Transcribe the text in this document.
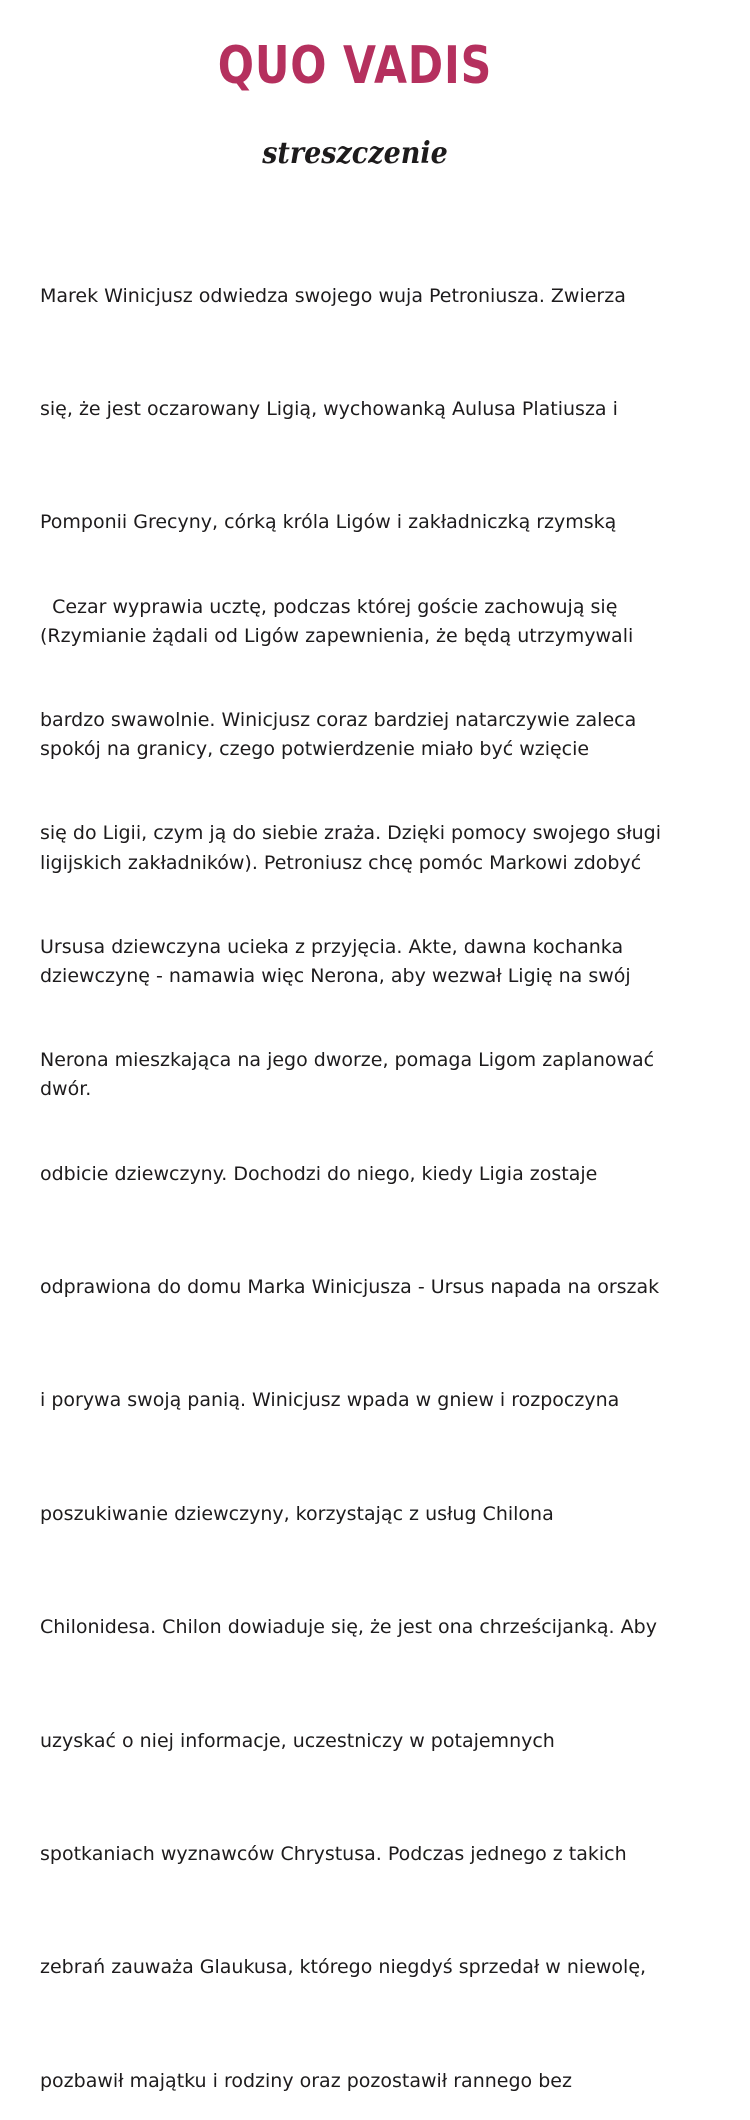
QUO VADIS
streszczenie

Marek Winicjusz odwiedza swojego wuja Petroniusza. Zwierza

się, że jest oczarowany Ligią, wychowanką Aulusa Platiusza i

Pomponii Grecyny, córką króla Ligów i zakładniczką rzymską

(Rzymianie żądali od Ligów zapewnienia, że będą utrzymywali

spokój na granicy, czego potwierdzenie miało być wzięcie

ligijskich zakładników). Petroniusz chcę pomóc Markowi zdobyć

dziewczynę - namawia więc Nerona, aby wezwał Ligię na swój

dwór.

Cezar wyprawia ucztę, podczas której goście zachowują się

bardzo swawolnie. Winicjusz coraz bardziej natarczywie zaleca

się do Ligii, czym ją do siebie zraża. Dzięki pomocy swojego sługi

Ursusa dziewczyna ucieka z przyjęcia. Akte, dawna kochanka

Nerona mieszkająca na jego dworze, pomaga Ligom zaplanować

odbicie dziewczyny. Dochodzi do niego, kiedy Ligia zostaje

odprawiona do domu Marka Winicjusza - Ursus napada na orszak

i porywa swoją panią. Winicjusz wpada w gniew i rozpoczyna

poszukiwanie dziewczyny, korzystając z usług Chilona

Chilonidesa. Chilon dowiaduje się, że jest ona chrześcijanką. Aby

uzyskać o niej informacje, uczestniczy w potajemnych

spotkaniach wyznawców Chrystusa. Podczas jednego z takich

zebrań zauważa Glaukusa, którego niegdyś sprzedał w niewolę,

pozbawił majątku i rodziny oraz pozostawił rannego bez
